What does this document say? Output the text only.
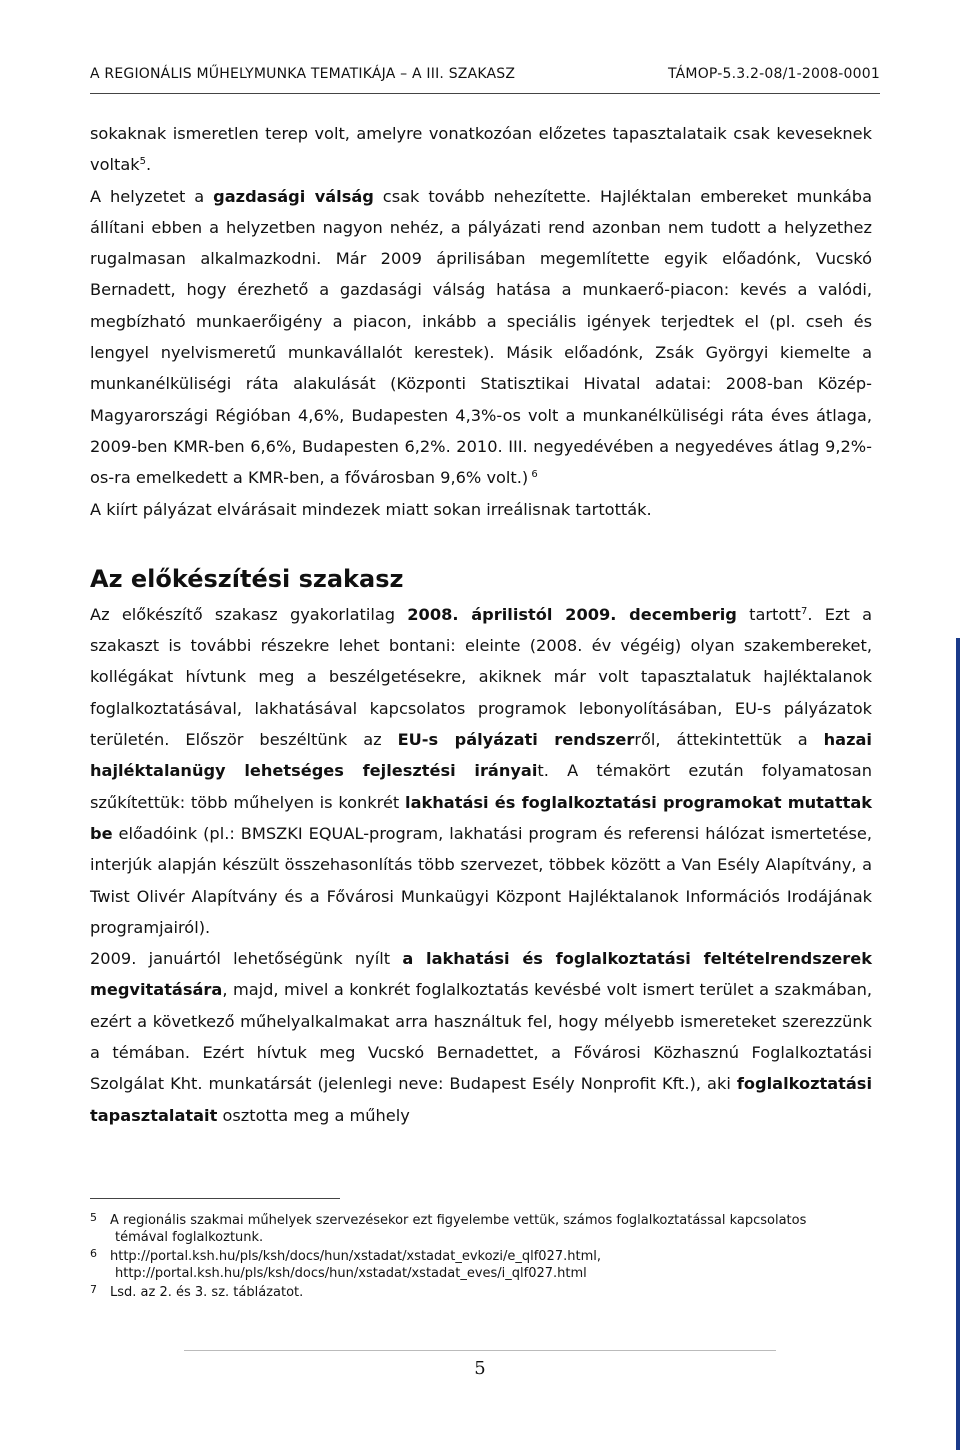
A REGIONÁLIS MŰHELYMUNKA TEMATIKÁJA – A III. SZAKASZ	TÁMOP-5.3.2-08/1-2008-0001

sokaknak ismeretlen terep volt, amelyre vonatkozóan előzetes tapasztalataik csak keveseknek voltak$^5$.

A helyzetet a gazdasági válság csak tovább nehezítette. Hajléktalan embereket munkába állítani ebben a helyzetben nagyon nehéz, a pályázati rend azonban nem tudott a helyzethez rugalmasan alkalmazkodni. Már 2009 áprilisában megemlítette egyik előadónk, Vucskó Bernadett, hogy érezhető a gazdasági válság hatása a munkaerő-piacon: kevés a valódi, megbízható munkaerőigény a piacon, inkább a speciális igények terjedtek el (pl. cseh és lengyel nyelvismeretű munkavállalót kerestek). Másik előadónk, Zsák Györgyi kiemelte a munkanélküliségi ráta alakulását (Központi Statisztikai Hivatal adatai: 2008-ban Közép-Magyarországi Régióban 4,6%, Budapesten 4,3%-os volt a munkanélküliségi ráta éves átlaga, 2009-ben KMR-ben 6,6%, Budapesten 6,2%. 2010. III. negyedévében a negyedéves átlag 9,2%-os-ra emelkedett a KMR-ben, a fővárosban 9,6% volt.) $^6$

A kiírt pályázat elvárásait mindezek miatt sokan irreálisnak tartották.

Az előkészítési szakasz

Az előkészítő szakasz gyakorlatilag 2008. áprilistól 2009. decemberig tartott$^7$. Ezt a szakaszt is további részekre lehet bontani: eleinte (2008. év végéig) olyan szakembereket, kollégákat hívtunk meg a beszélgetésekre, akiknek már volt tapasztalatuk hajléktalanok foglalkoztatásával, lakhatásával kapcsolatos programok lebonyolításában, EU-s pályázatok területén. Először beszéltünk az EU-s pályázati rendszerről, áttekintettük a hazai hajléktalanügy lehetséges fejlesztési irányait. A témakört ezután folyamatosan szűkítettük: több műhelyen is konkrét lakhatási és foglalkoztatási programokat mutattak be előadóink (pl.: BMSZKI EQUAL-program, lakhatási program és referensi hálózat ismertetése, interjúk alapján készült összehasonlítás több szervezet, többek között a Van Esély Alapítvány, a Twist Olivér Alapítvány és a Fővárosi Munkaügyi Központ Hajléktalanok Információs Irodájának programjairól).

2009. januártól lehetőségünk nyílt a lakhatási és foglalkoztatási feltételrendszerek megvitatására, majd, mivel a konkrét foglalkoztatás kevésbé volt ismert terület a szakmában, ezért a következő műhelyalkalmakat arra használtuk fel, hogy mélyebb ismereteket szerezzünk a témában. Ezért hívtuk meg Vucskó Bernadettet, a Fővárosi Közhasznú Foglalkoztatási Szolgálat Kht. munkatársát (jelenlegi neve: Budapest Esély Nonprofit Kft.), aki foglalkoztatási tapasztalatait osztotta meg a műhely

5 A regionális szakmai műhelyek szervezésekor ezt figyelembe vettük, számos foglalkoztatással kapcsolatos
témával foglalkoztunk.

6 http://portal.ksh.hu/pls/ksh/docs/hun/xstadat/xstadat_evkozi/e_qlf027.html,
http://portal.ksh.hu/pls/ksh/docs/hun/xstadat/xstadat_eves/i_qlf027.html

7 Lsd. az 2. és 3. sz. táblázatot.

5
